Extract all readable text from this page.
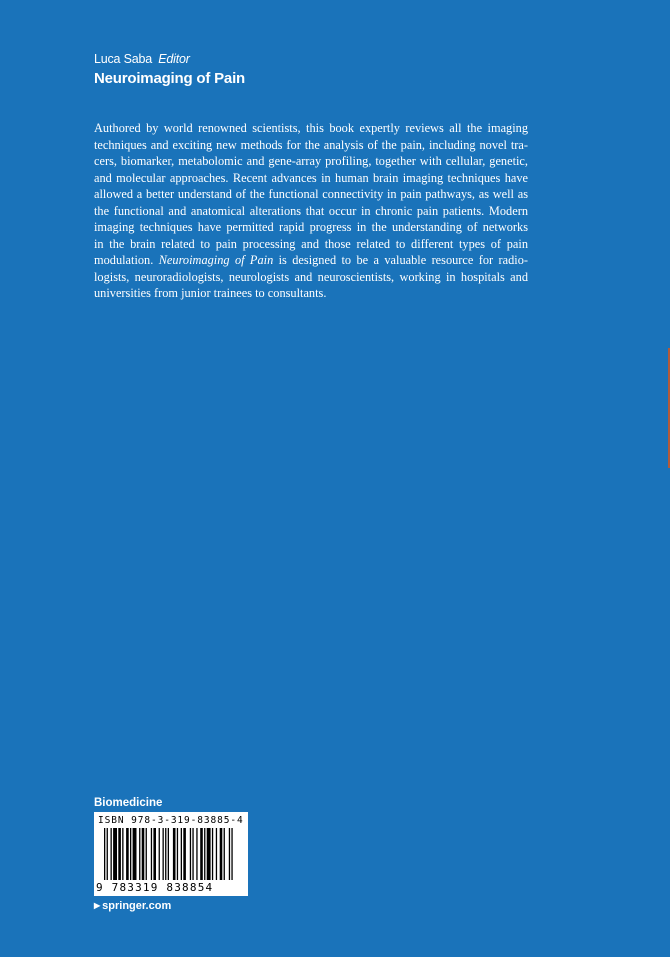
Luca Saba Editor
Neuroimaging of Pain
Authored by world renowned scientists, this book expertly reviews all the imaging
techniques and exciting new methods for the analysis of the pain, including novel tra-
cers, biomarker, metabolomic and gene-array profiling, together with cellular, genetic,
and molecular approaches. Recent advances in human brain imaging techniques have
allowed a better understand of the functional connectivity in pain pathways, as well as
the functional and anatomical alterations that occur in chronic pain patients. Modern
imaging techniques have permitted rapid progress in the understanding of networks
in the brain related to pain processing and those related to different types of pain
modulation. Neuroimaging of Pain is designed to be a valuable resource for radio-
logists, neuroradiologists, neurologists and neuroscientists, working in hospitals and
universities from junior trainees to consultants.
Biomedicine
ISBN 978-3-319-83885-4
9 783319 838854
▶ springer.com
